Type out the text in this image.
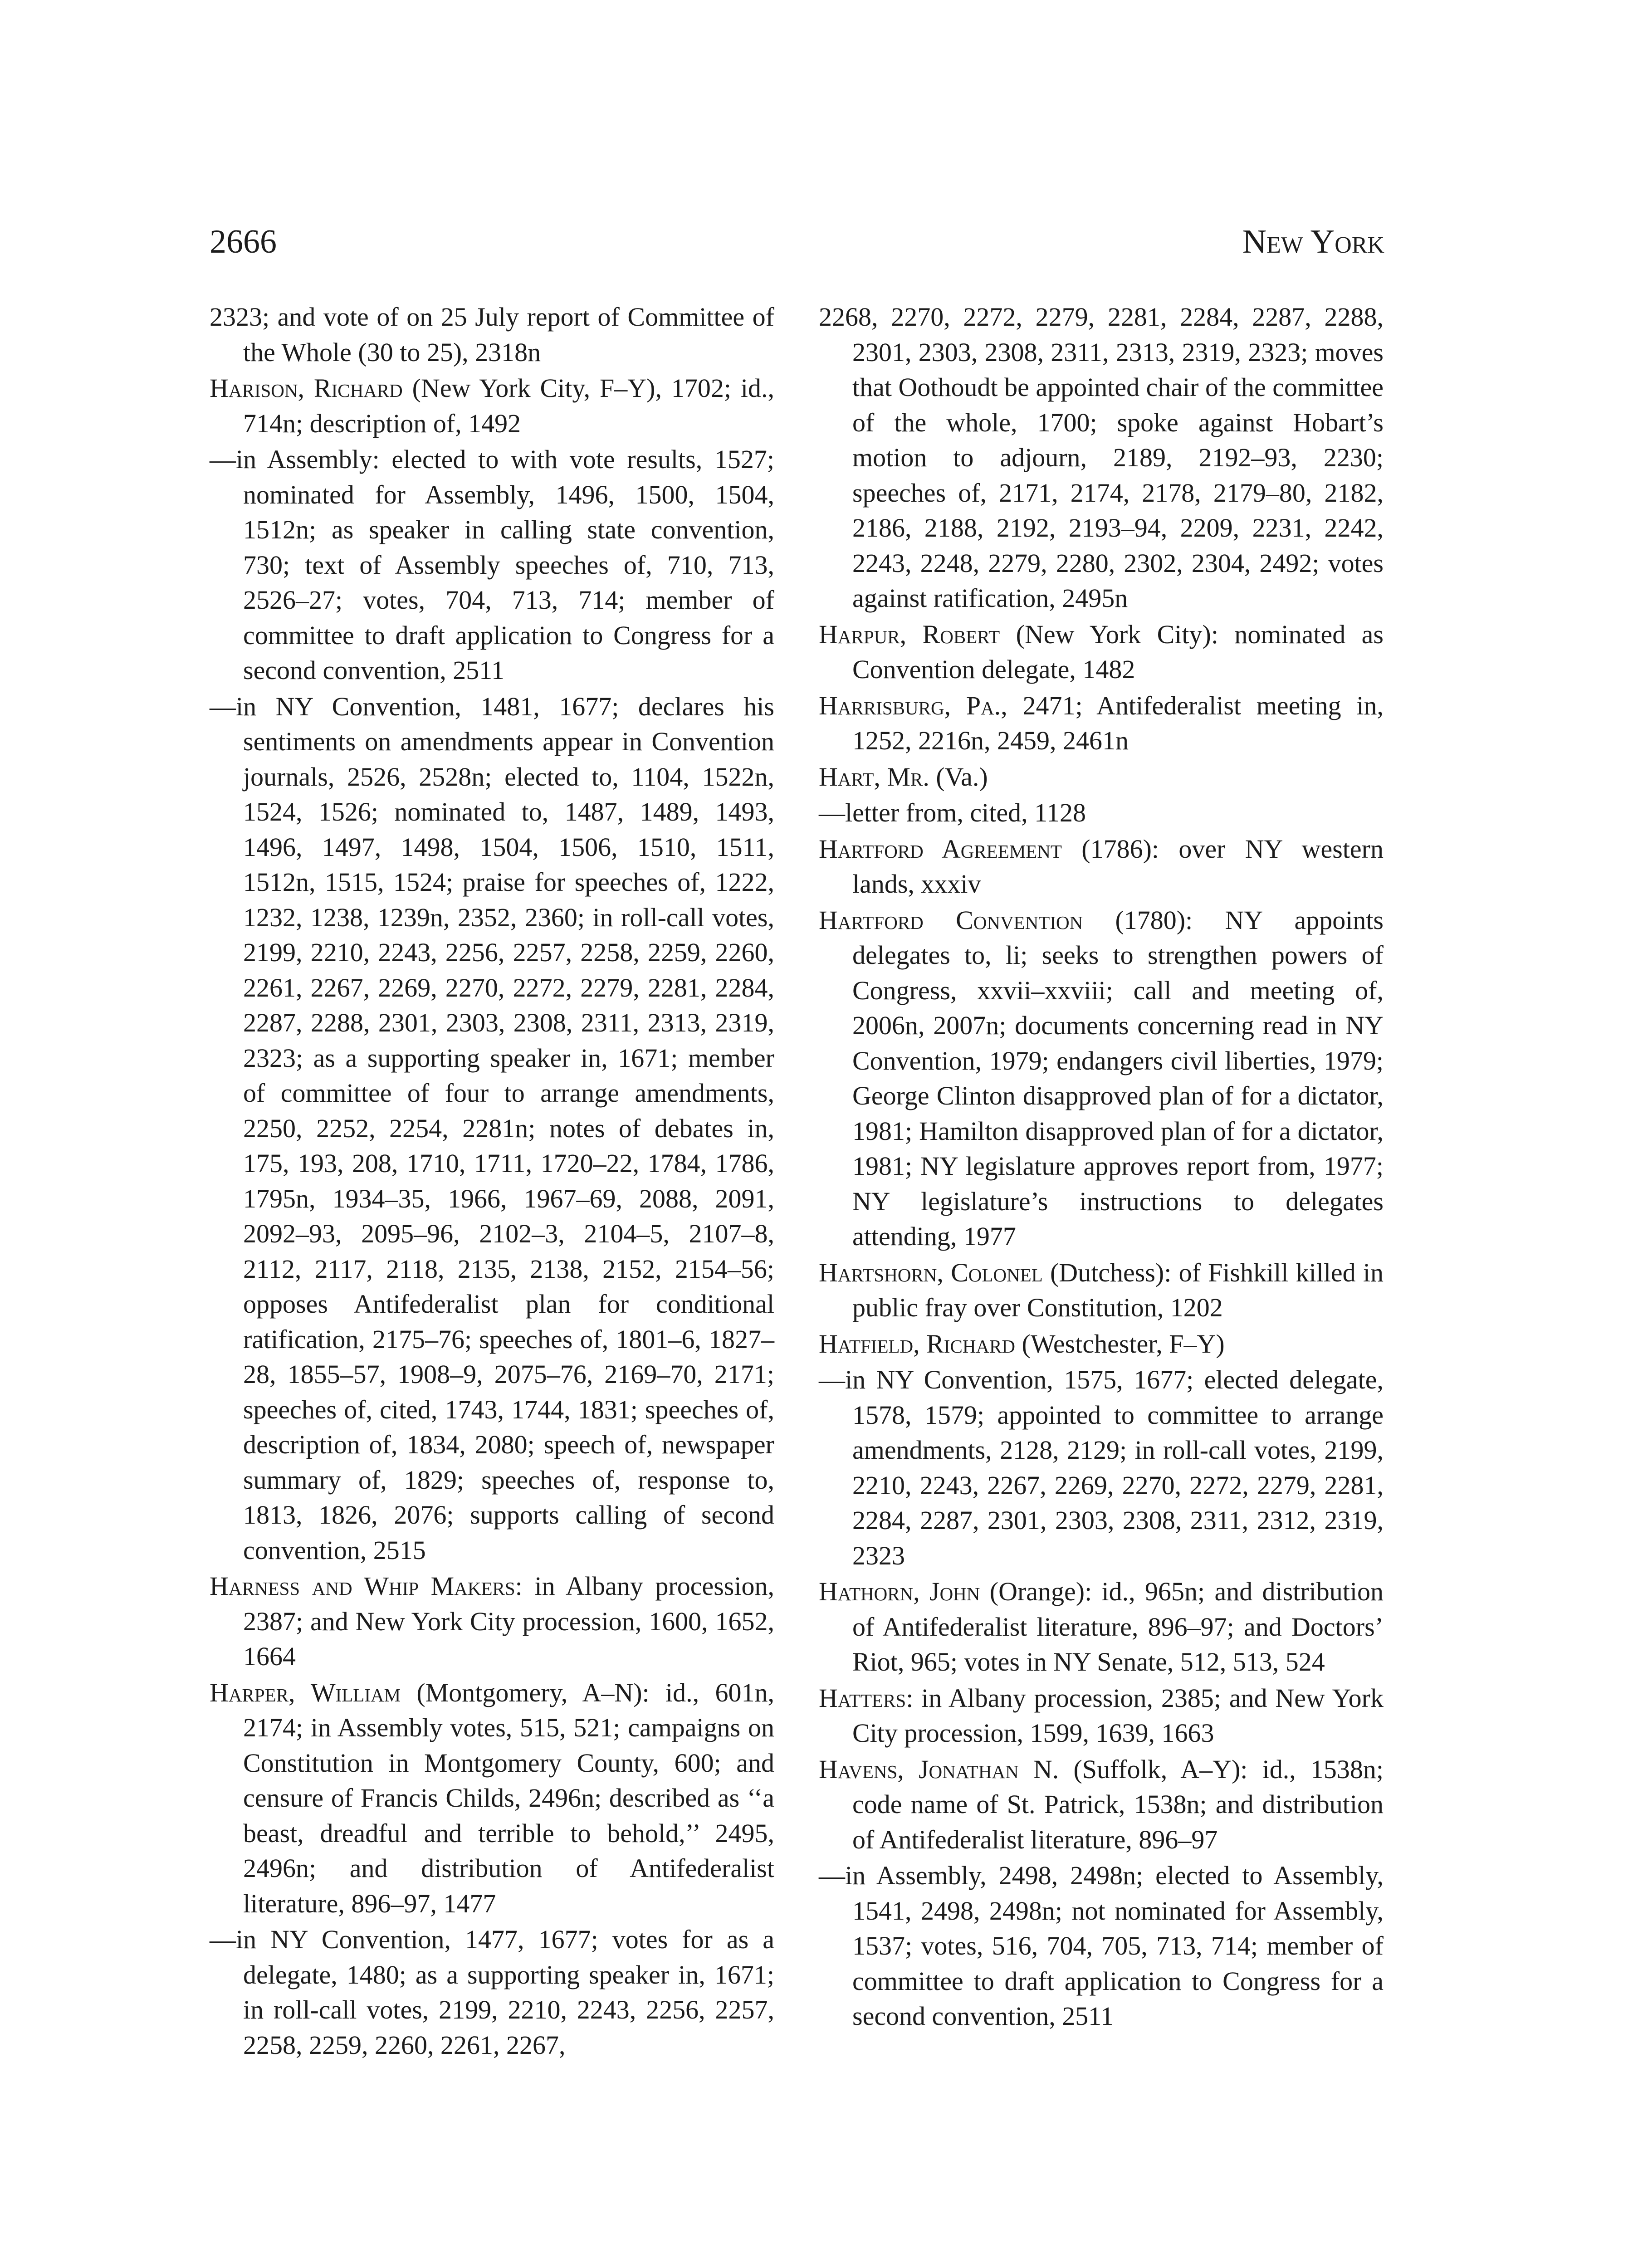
2666	New York

2323; and vote of on 25 July report of Committee of the Whole (30 to 25), 2318n

Harison, Richard (New York City, F–Y), 1702; id., 714n; description of, 1492

—in Assembly: elected to with vote results, 1527; nominated for Assembly, 1496, 1500, 1504, 1512n; as speaker in calling state convention, 730; text of Assembly speeches of, 710, 713, 2526–27; votes, 704, 713, 714; member of committee to draft application to Congress for a second convention, 2511

—in NY Convention, 1481, 1677; declares his sentiments on amendments appear in Convention journals, 2526, 2528n; elected to, 1104, 1522n, 1524, 1526; nominated to, 1487, 1489, 1493, 1496, 1497, 1498, 1504, 1506, 1510, 1511, 1512n, 1515, 1524; praise for speeches of, 1222, 1232, 1238, 1239n, 2352, 2360; in roll-call votes, 2199, 2210, 2243, 2256, 2257, 2258, 2259, 2260, 2261, 2267, 2269, 2270, 2272, 2279, 2281, 2284, 2287, 2288, 2301, 2303, 2308, 2311, 2313, 2319, 2323; as a supporting speaker in, 1671; member of committee of four to arrange amendments, 2250, 2252, 2254, 2281n; notes of debates in, 175, 193, 208, 1710, 1711, 1720–22, 1784, 1786, 1795n, 1934–35, 1966, 1967–69, 2088, 2091, 2092–93, 2095–96, 2102–3, 2104–5, 2107–8, 2112, 2117, 2118, 2135, 2138, 2152, 2154–56; opposes Antifederalist plan for conditional ratification, 2175–76; speeches of, 1801–6, 1827–28, 1855–57, 1908–9, 2075–76, 2169–70, 2171; speeches of, cited, 1743, 1744, 1831; speeches of, description of, 1834, 2080; speech of, newspaper summary of, 1829; speeches of, response to, 1813, 1826, 2076; supports calling of second convention, 2515

Harness and Whip Makers: in Albany procession, 2387; and New York City procession, 1600, 1652, 1664

Harper, William (Montgomery, A–N): id., 601n, 2174; in Assembly votes, 515, 521; campaigns on Constitution in Montgomery County, 600; and censure of Francis Childs, 2496n; described as ‘‘a beast, dreadful and terrible to behold,’’ 2495, 2496n; and distribution of Antifederalist literature, 896–97, 1477

—in NY Convention, 1477, 1677; votes for as a delegate, 1480; as a supporting speaker in, 1671; in roll-call votes, 2199, 2210, 2243, 2256, 2257, 2258, 2259, 2260, 2261, 2267,

2268, 2270, 2272, 2279, 2281, 2284, 2287, 2288, 2301, 2303, 2308, 2311, 2313, 2319, 2323; moves that Oothoudt be appointed chair of the committee of the whole, 1700; spoke against Hobart’s motion to adjourn, 2189, 2192–93, 2230; speeches of, 2171, 2174, 2178, 2179–80, 2182, 2186, 2188, 2192, 2193–94, 2209, 2231, 2242, 2243, 2248, 2279, 2280, 2302, 2304, 2492; votes against ratification, 2495n

Harpur, Robert (New York City): nominated as Convention delegate, 1482

Harrisburg, Pa., 2471; Antifederalist meeting in, 1252, 2216n, 2459, 2461n

Hart, Mr. (Va.)

—letter from, cited, 1128

Hartford Agreement (1786): over NY western lands, xxxiv

Hartford Convention (1780): NY appoints delegates to, li; seeks to strengthen powers of Congress, xxvii–xxviii; call and meeting of, 2006n, 2007n; documents concerning read in NY Convention, 1979; endangers civil liberties, 1979; George Clinton disapproved plan of for a dictator, 1981; Hamilton disapproved plan of for a dictator, 1981; NY legislature approves report from, 1977; NY legislature’s instructions to delegates attending, 1977

Hartshorn, Colonel (Dutchess): of Fishkill killed in public fray over Constitution, 1202

Hatfield, Richard (Westchester, F–Y)

—in NY Convention, 1575, 1677; elected delegate, 1578, 1579; appointed to committee to arrange amendments, 2128, 2129; in roll-call votes, 2199, 2210, 2243, 2267, 2269, 2270, 2272, 2279, 2281, 2284, 2287, 2301, 2303, 2308, 2311, 2312, 2319, 2323

Hathorn, John (Orange): id., 965n; and distribution of Antifederalist literature, 896–97; and Doctors’ Riot, 965; votes in NY Senate, 512, 513, 524

Hatters: in Albany procession, 2385; and New York City procession, 1599, 1639, 1663

Havens, Jonathan N. (Suffolk, A–Y): id., 1538n; code name of St. Patrick, 1538n; and distribution of Antifederalist literature, 896–97

—in Assembly, 2498, 2498n; elected to Assembly, 1541, 2498, 2498n; not nominated for Assembly, 1537; votes, 516, 704, 705, 713, 714; member of committee to draft application to Congress for a second convention, 2511
